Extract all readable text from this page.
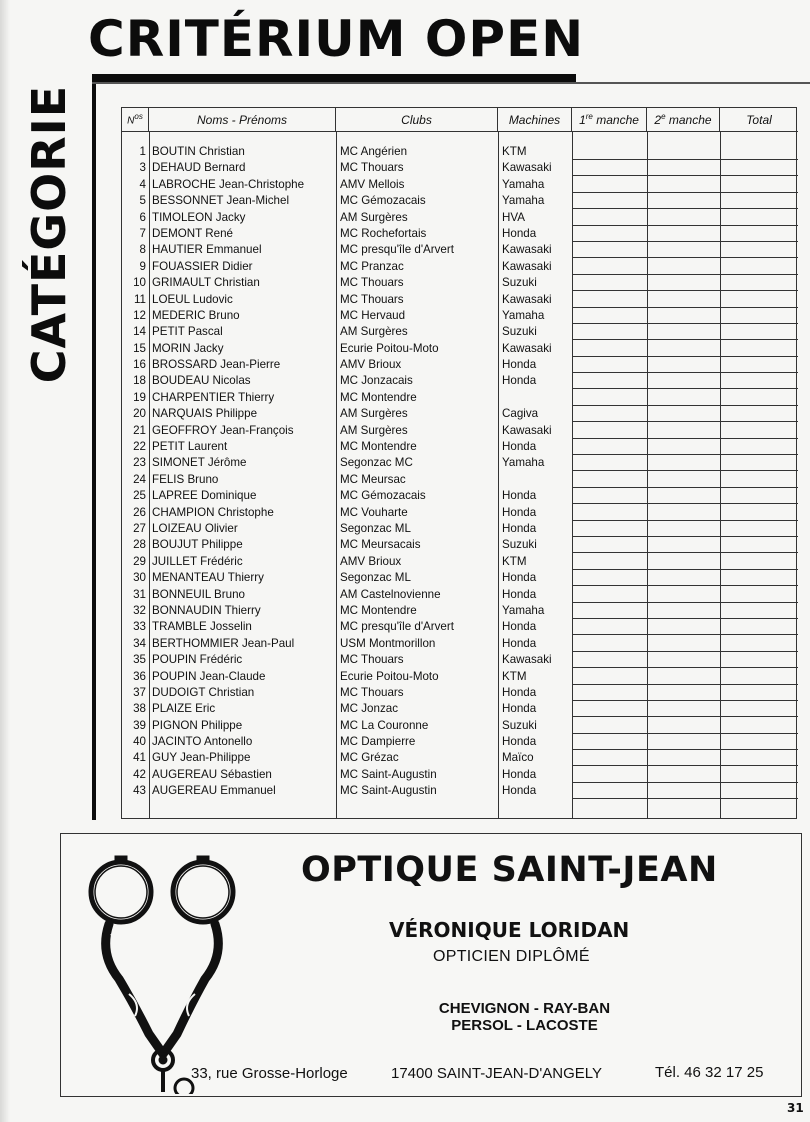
CRITÉRIUM OPEN
CATÉGORIE	$N^{os}$	Noms - Prénoms	Clubs	Machines	1re manche 2e manche	Total
1 BOUTIN Christian	MC Angérien	KTM
3 DEHAUD Bernard	MC Thouars	Kawasaki
4 LABROCHE Jean-Christophe	AMV Mellois	Yamaha
5 BESSONNET Jean-Michel	MC Gémozacais	Yamaha
6 TIMOLEON Jacky	AM Surgères	HVA
7 DEMONT René	MC Rochefortais	Honda
8 HAUTIER Emmanuel	MC presqu'île d'Arvert	Kawasaki
9 FOUASSIER Didier	MC Pranzac	Kawasaki
10 GRIMAULT Christian	MC Thouars	Suzuki
11 LOEUL Ludovic	MC Thouars	Kawasaki
12 MEDERIC Bruno	MC Hervaud	Yamaha
14 PETIT Pascal	AM Surgères	Suzuki
15 MORIN Jacky	Ecurie Poitou-Moto	Kawasaki
16 BROSSARD Jean-Pierre	AMV Brioux	Honda
18 BOUDEAU Nicolas	MC Jonzacais	Honda
19 CHARPENTIER Thierry	MC Montendre
20 NARQUAIS Philippe	AM Surgères	Cagiva
21 GEOFFROY Jean-François	AM Surgères	Kawasaki
22 PETIT Laurent	MC Montendre	Honda
23 SIMONET Jérôme	Segonzac MC	Yamaha
24 FELIS Bruno	MC Meursac
25 LAPREE Dominique	MC Gémozacais	Honda
26 CHAMPION Christophe	MC Vouharte	Honda
27 LOIZEAU Olivier	Segonzac ML	Honda
28 BOUJUT Philippe	MC Meursacais	Suzuki
29 JUILLET Frédéric	AMV Brioux	KTM
30 MENANTEAU Thierry	Segonzac ML	Honda
31 BONNEUIL Bruno	AM Castelnovienne	Honda
32 BONNAUDIN Thierry	MC Montendre	Yamaha
33 TRAMBLE Josselin	MC presqu'île d'Arvert	Honda
34 BERTHOMMIER Jean-Paul	USM Montmorillon	Honda
35 POUPIN Frédéric	MC Thouars	Kawasaki
36 POUPIN Jean-Claude	Ecurie Poitou-Moto	KTM
37 DUDOIGT Christian	MC Thouars	Honda
38 PLAIZE Eric	MC Jonzac	Honda
39 PIGNON Philippe	MC La Couronne	Suzuki
40 JACINTO Antonello	MC Dampierre	Honda
41 GUY Jean-Philippe	MC Grézac	Maïco
42 AUGEREAU Sébastien	MC Saint-Augustin	Honda
43 AUGEREAU Emmanuel	MC Saint-Augustin	Honda
OPTIQUE SAINT-JEAN
VÉRONIQUE LORIDAN
OPTICIEN DIPLÔMÉ
CHEVIGNON - RAY-BAN
PERSOL - LACOSTE
33, rue Grosse-Horloge	17400 SAINT-JEAN-D'ANGELY	Tél. 46 32 17 25
31
